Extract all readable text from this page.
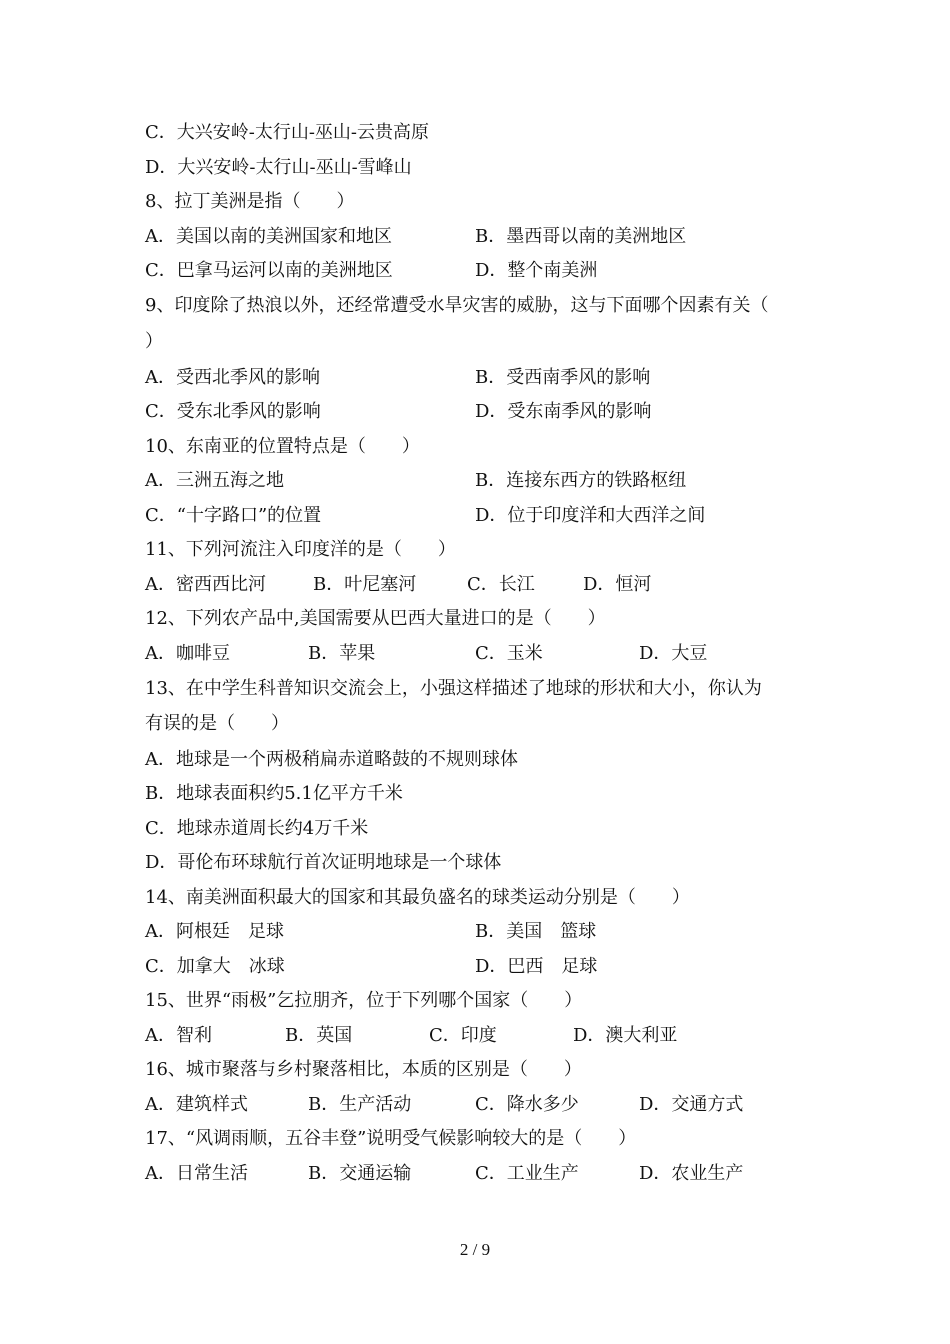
C．大兴安岭-太行山-巫山-云贵高原
D．大兴安岭-太行山-巫山-雪峰山
8、拉丁美洲是指（　　）
A．美国以南的美洲国家和地区	B．墨西哥以南的美洲地区
C．巴拿马运河以南的美洲地区	D．整个南美洲
9、印度除了热浪以外，还经常遭受水旱灾害的威胁，这与下面哪个因素有关（
）
A．受西北季风的影响	B．受西南季风的影响
C．受东北季风的影响	D．受东南季风的影响
10、东南亚的位置特点是（　　）
A．三洲五海之地	B．连接东西方的铁路枢纽
C．“十字路口”的位置	D．位于印度洋和大西洋之间
11、下列河流注入印度洋的是（　　）
A．密西西比河	B．叶尼塞河	C．长江	D．恒河
12、下列农产品中,美国需要从巴西大量进口的是（　　）
A．咖啡豆	B．苹果	C．玉米	D．大豆
13、在中学生科普知识交流会上，小强这样描述了地球的形状和大小，你认为
有误的是（　　）
A．地球是一个两极稍扁赤道略鼓的不规则球体
B．地球表面积约5.1亿平方千米
C．地球赤道周长约4万千米
D．哥伦布环球航行首次证明地球是一个球体
14、南美洲面积最大的国家和其最负盛名的球类运动分别是（　　）
A．阿根廷　足球	B．美国　篮球
C．加拿大　冰球	D．巴西　足球
15、世界“雨极”乞拉朋齐，位于下列哪个国家（　　）
A．智利	B．英国	C．印度	D．澳大利亚
16、城市聚落与乡村聚落相比，本质的区别是（　　）
A．建筑样式	B．生产活动	C．降水多少	D．交通方式
17、“风调雨顺，五谷丰登”说明受气候影响较大的是（　　）
A．日常生活	B．交通运输	C．工业生产	D．农业生产
2 / 9
